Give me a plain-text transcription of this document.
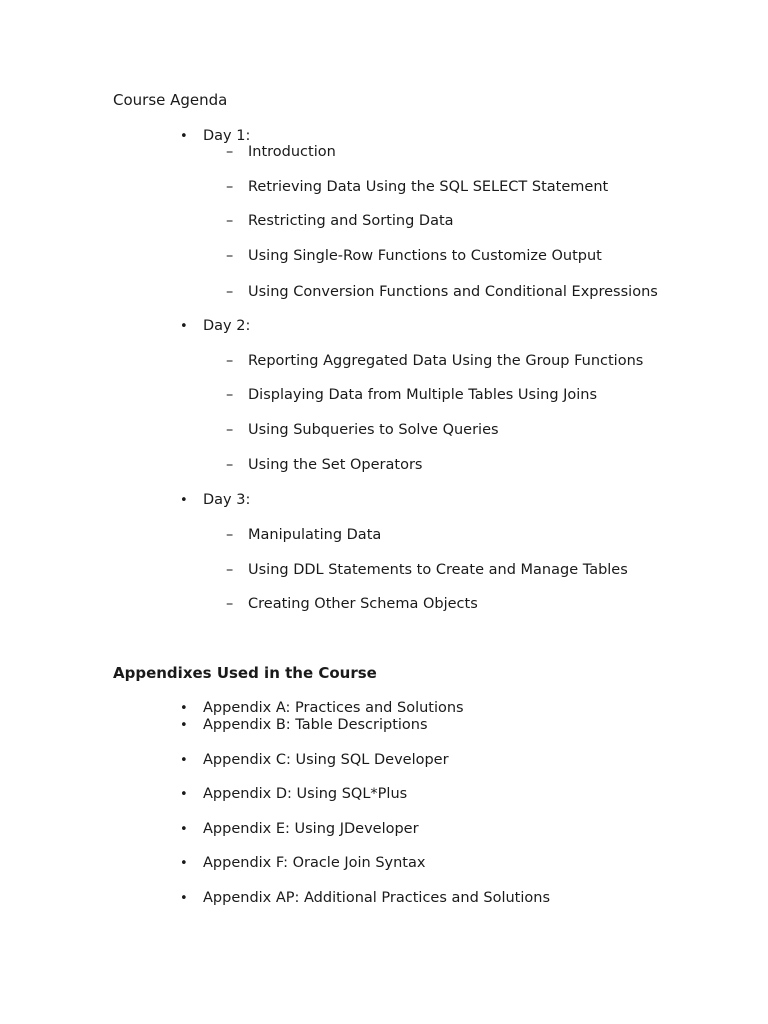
Course Agenda
• Day 1:
– Introduction
– Retrieving Data Using the SQL SELECT Statement
– Restricting and Sorting Data
– Using Single-Row Functions to Customize Output
– Using Conversion Functions and Conditional Expressions
• Day 2:
– Reporting Aggregated Data Using the Group Functions
– Displaying Data from Multiple Tables Using Joins
– Using Subqueries to Solve Queries
– Using the Set Operators
• Day 3:
– Manipulating Data
– Using DDL Statements to Create and Manage Tables
– Creating Other Schema Objects
Appendixes Used in the Course
• Appendix A: Practices and Solutions
• Appendix B: Table Descriptions
• Appendix C: Using SQL Developer
• Appendix D: Using SQL*Plus
• Appendix E: Using JDeveloper
• Appendix F: Oracle Join Syntax
• Appendix AP: Additional Practices and Solutions
